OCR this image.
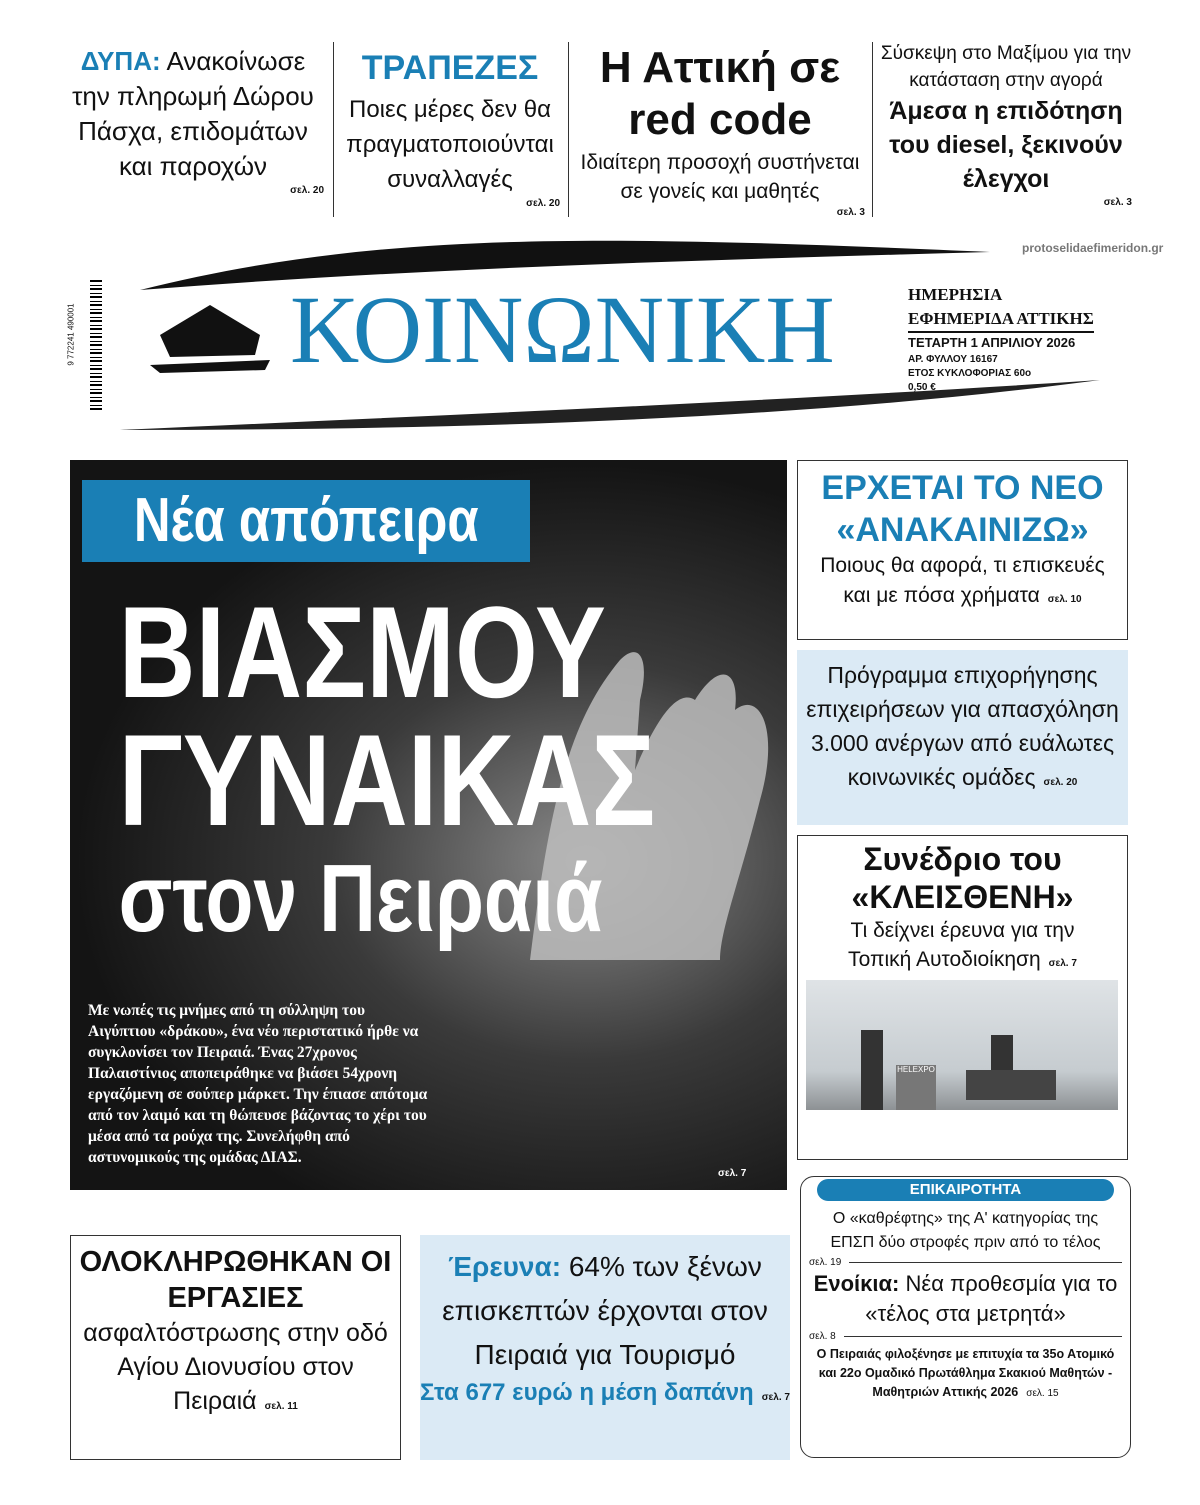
ΔΥΠΑ: Ανακοίνωσε την πληρωμή Δώρου Πάσχα, επιδομάτων και παροχών
σελ. 20
ΤΡΑΠΕΖΕΣ
Ποιες μέρες δεν θα πραγματοποιούνται συναλλαγές
σελ. 20
Η Αττική σε red code
Ιδιαίτερη προσοχή συστήνεται σε γονείς και μαθητές
σελ. 3
Σύσκεψη στο Μαξίμου για την κατάσταση στην αγορά
Άμεσα η επιδότηση του diesel, ξεκινούν έλεγχοι
σελ. 3
protoselidaefimeridon.gr
9 772241 490001 ΚΟΙΝΩΝΙΚΗ	ΗΜΕΡΗΣΙΑ
ΕΦΗΜΕΡΙΔΑ ΑΤΤΙΚΗΣ
ΤΕΤΑΡΤΗ 1 ΑΠΡΙΛΙΟΥ 2026
ΑΡ. ΦΥΛΛΟΥ 16167
ΕΤΟΣ ΚΥΚΛΟΦΟΡΙΑΣ 60ο
0,50 €
Νέα απόπειρα
ΒΙΑΣΜΟΥ
ΓΥΝΑΙΚΑΣ
στον Πειραιά
Με νωπές τις μνήμες από τη σύλληψη του Αιγύπτιου «δράκου», ένα νέο περιστατικό ήρθε να συγκλονίσει τον Πειραιά. Ένας 27χρονος Παλαιστίνιος αποπειράθηκε να βιάσει 54χρονη εργαζόμενη σε σούπερ μάρκετ. Την έπιασε απότομα από τον λαιμό και τη θώπευσε βάζοντας το χέρι του μέσα από τα ρούχα της. Συνελήφθη από αστυνομικούς της ομάδας ΔΙΑΣ.
σελ. 7
ΕΡΧΕΤΑΙ ΤΟ ΝΕΟ «ΑΝΑΚΑΙΝΙΖΩ»
Ποιους θα αφορά, τι επισκευές και με πόσα χρήματα σελ. 10
Πρόγραμμα επιχορήγησης επιχειρήσεων για απασχόληση 3.000 ανέργων από ευάλωτες κοινωνικές ομάδες σελ. 20
Συνέδριο του «ΚΛΕΙΣΘΕΝΗ»
Τι δείχνει έρευνα για την Τοπική Αυτοδιοίκηση σελ. 7
HELEXPO
ΕΠΙΚΑΙΡΟΤΗΤΑ
Ο «καθρέφτης» της Α' κατηγορίας της ΕΠΣΠ δύο στροφές πριν από το τέλος
σελ. 19
Ενοίκια: Νέα προθεσμία για το «τέλος στα μετρητά»
σελ. 8
Ο Πειραιάς φιλοξένησε με επιτυχία τα 35ο Ατομικό και 22ο Ομαδικό Πρωτάθλημα Σκακιού Μαθητών - Μαθητριών Αττικής 2026 σελ. 15
ΟΛΟΚΛΗΡΩΘΗΚΑΝ ΟΙ ΕΡΓΑΣΙΕΣ
ασφαλτόστρωσης στην οδό Αγίου Διονυσίου στον Πειραιά σελ. 11
Έρευνα: 64% των ξένων επισκεπτών έρχονται στον Πειραιά για Τουρισμό
Στα 677 ευρώ η μέση δαπάνη σελ. 7
